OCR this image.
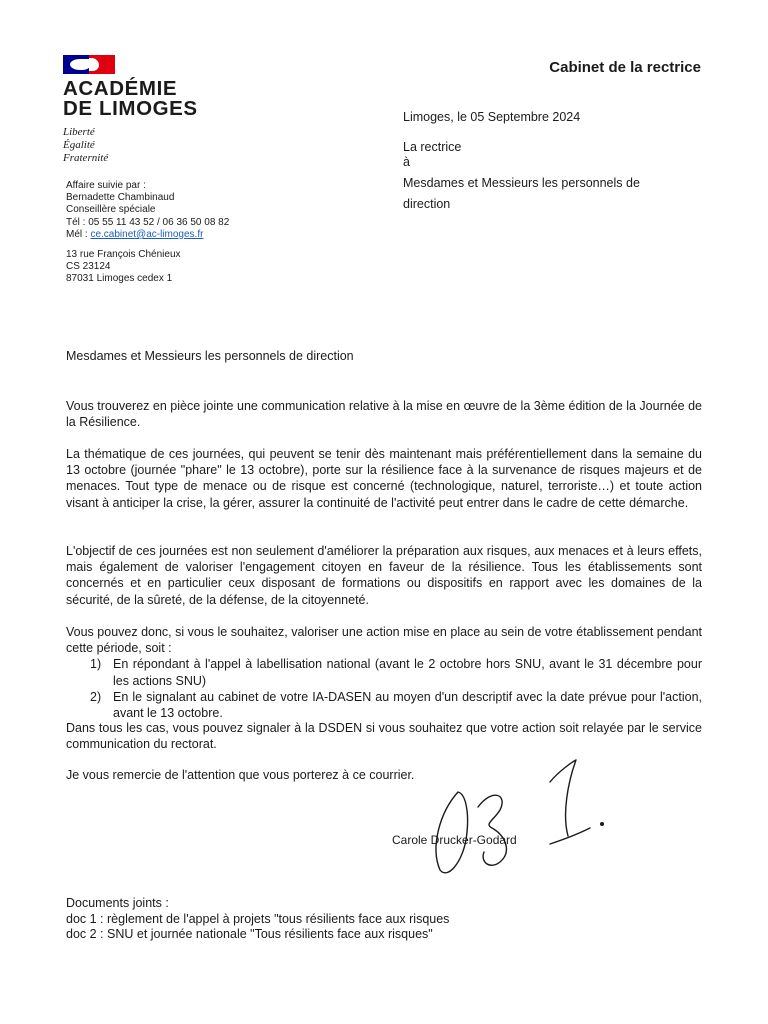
ACADÉMIE
DE LIMOGES
Liberté
Égalité
Fraternité
Cabinet de la rectrice
Affaire suivie par :
Bernadette Chambinaud
Conseillère spéciale
Tél : 05 55 11 43 52 / 06 36 50 08 82
Mél : ce.cabinet@ac-limoges.fr
13 rue François Chénieux
CS 23124
87031 Limoges cedex 1
Limoges, le 05 Septembre 2024
La rectrice
à
Mesdames et Messieurs les personnels de
direction
Mesdames et Messieurs les personnels de direction
Vous trouverez en pièce jointe une communication relative à la mise en œuvre de la 3ème édition de la Journée de la Résilience.
La thématique de ces journées, qui peuvent se tenir dès maintenant mais préférentiellement dans la semaine du 13 octobre (journée "phare" le 13 octobre), porte sur la résilience face à la survenance de risques majeurs et de menaces. Tout type de menace ou de risque est concerné (technologique, naturel, terroriste…) et toute action visant à anticiper la crise, la gérer, assurer la continuité de l'activité peut entrer dans le cadre de cette démarche.
L'objectif de ces journées est non seulement d'améliorer la préparation aux risques, aux menaces et à leurs effets, mais également de valoriser l'engagement citoyen en faveur de la résilience. Tous les établissements sont concernés et en particulier ceux disposant de formations ou dispositifs en rapport avec les domaines de la sécurité, de la sûreté, de la défense, de la citoyenneté.

Vous pouvez donc, si vous le souhaitez, valoriser une action mise en place au sein de votre établissement pendant cette période, soit :

1) En répondant à l'appel à labellisation national (avant le 2 octobre hors SNU, avant le 31 décembre pour les actions SNU)
2) En le signalant au cabinet de votre IA-DASEN au moyen d'un descriptif avec la date prévue pour l'action, avant le 13 octobre.
Dans tous les cas, vous pouvez signaler à la DSDEN si vous souhaitez que votre action soit relayée par le service communication du rectorat.
Je vous remercie de l'attention que vous porterez à ce courrier.
Carole Drucker-Godard
Documents joints :
doc 1 : règlement de l'appel à projets "tous résilients face aux risques
doc 2 : SNU et journée nationale "Tous résilients face aux risques"
